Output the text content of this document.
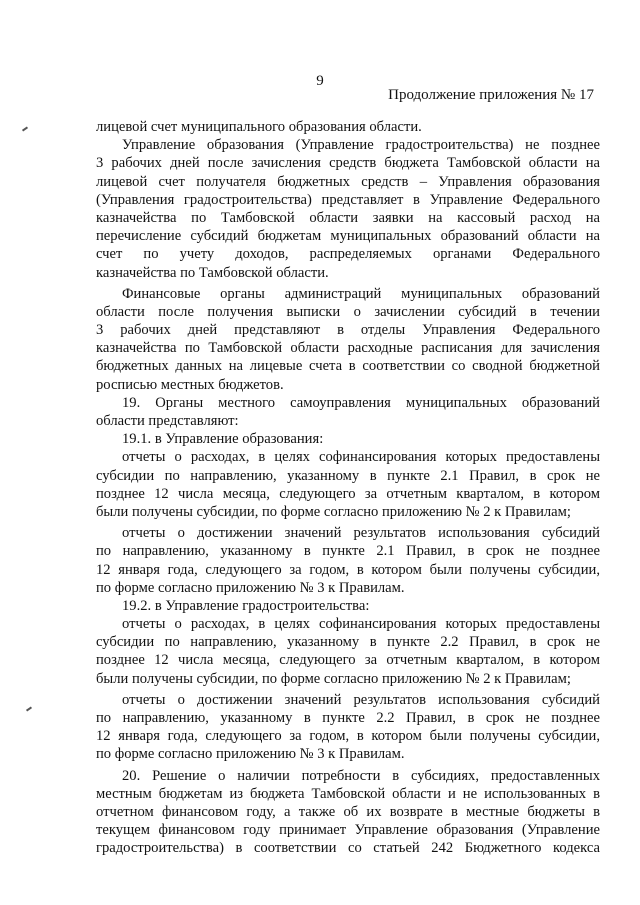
9
Продолжение приложения № 17
лицевой счет муниципального образования области.
Управление образования (Управление градостроительства) не позднее
3 рабочих дней после зачисления средств бюджета Тамбовской области на
лицевой счет получателя бюджетных средств – Управления образования
(Управления градостроительства) представляет в Управление Федерального
казначейства по Тамбовской области заявки на кассовый расход на
перечисление субсидий бюджетам муниципальных образований области на
счет по учету доходов, распределяемых органами Федерального
казначейства по Тамбовской области.
Финансовые органы администраций муниципальных образований
области после получения выписки о зачислении субсидий в течении
3 рабочих дней представляют в отделы Управления Федерального
казначейства по Тамбовской области расходные расписания для зачисления
бюджетных данных на лицевые счета в соответствии со сводной бюджетной
росписью местных бюджетов.
19. Органы местного самоуправления муниципальных образований
области представляют:
19.1. в Управление образования:
отчеты о расходах, в целях софинансирования которых предоставлены
субсидии по направлению, указанному в пункте 2.1 Правил, в срок не
позднее 12 числа месяца, следующего за отчетным кварталом, в котором
были получены субсидии, по форме согласно приложению № 2 к Правилам;
отчеты о достижении значений результатов использования субсидий
по направлению, указанному в пункте 2.1 Правил, в срок не позднее
12 января года, следующего за годом, в котором были получены субсидии,
по форме согласно приложению № 3 к Правилам.
19.2. в Управление градостроительства:
отчеты о расходах, в целях софинансирования которых предоставлены
субсидии по направлению, указанному в пункте 2.2 Правил, в срок не
позднее 12 числа месяца, следующего за отчетным кварталом, в котором
были получены субсидии, по форме согласно приложению № 2 к Правилам;
отчеты о достижении значений результатов использования субсидий
по направлению, указанному в пункте 2.2 Правил, в срок не позднее
12 января года, следующего за годом, в котором были получены субсидии,
по форме согласно приложению № 3 к Правилам.
20. Решение о наличии потребности в субсидиях, предоставленных
местным бюджетам из бюджета Тамбовской области и не использованных в
отчетном финансовом году, а также об их возврате в местные бюджеты в
текущем финансовом году принимает Управление образования (Управление
градостроительства) в соответствии со статьей 242 Бюджетного кодекса
